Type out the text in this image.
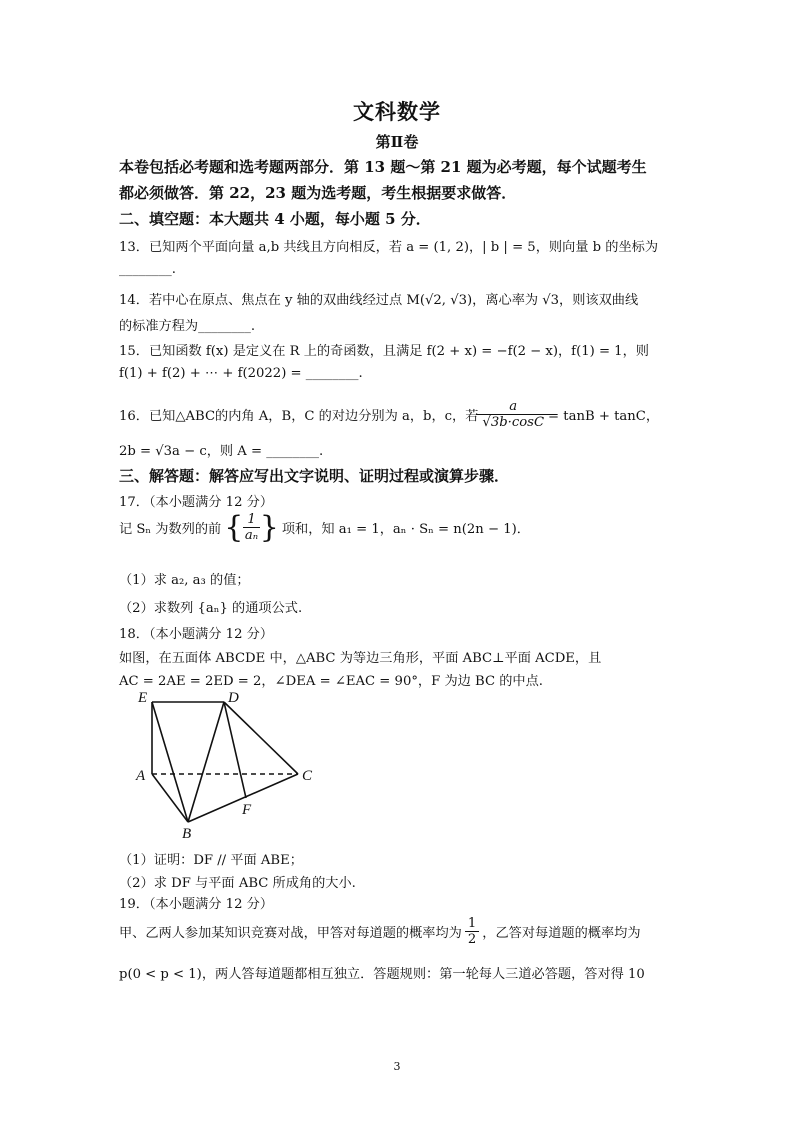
文科数学
第Ⅱ卷
本卷包括必考题和选考题两部分．第 13 题～第 21 题为必考题，每个试题考生
都必须做答．第 22，23 题为选考题，考生根据要求做答．
二、填空题：本大题共 4 小题，每小题 5 分．
13．已知两个平面向量 a,b 共线且方向相反，若 a = (1, 2)，| b | = 5，则向量 b 的坐标为
________.
14．若中心在原点、焦点在 y 轴的双曲线经过点 M(√2, √3)，离心率为 √3，则该双曲线
的标准方程为________.
15．已知函数 f(x) 是定义在 R 上的奇函数，且满足 f(2 + x) = −f(2 − x)，f(1) = 1，则
f(1) + f(2) + ⋯ + f(2022) = ________.
16．已知△ABC的内角 A，B，C 的对边分别为 a，b，c，若 $\frac{a}{√3b\cdot\cos C} = \tan B + \tan C$，
2b = √3a − c，则 A = ________.
三、解答题：解答应写出文字说明、证明过程或演算步骤．
17．（本小题满分 12 分）
记 Sₙ 为数列的前 { $\frac{1}{\text{aₙ}}$ } 项和，知 a₁ = 1，aₙ · Sₙ = n(2n − 1)．
（1）求 a₂, a₃ 的值；
（2）求数列 {aₙ} 的通项公式.
18．（本小题满分 12 分）
如图，在五面体 ABCDE 中，△ABC 为等边三角形，平面 ABC⊥平面 ACDE，且
AC = 2AE = 2ED = 2，∠DEA = ∠EAC = 90°，F 为边 BC 的中点.
E	D
A	C
F
B
（1）证明：DF // 平面 ABE；
（2）求 DF 与平面 ABC 所成角的大小.
19．（本小题满分 12 分）
甲、乙两人参加某知识竞赛对战，甲答对每道题的概率均为 $\frac{1}{2}$ ，乙答对每道题的概率均为
p(0 < p < 1)，两人答每道题都相互独立．答题规则：第一轮每人三道必答题，答对得 10
3
